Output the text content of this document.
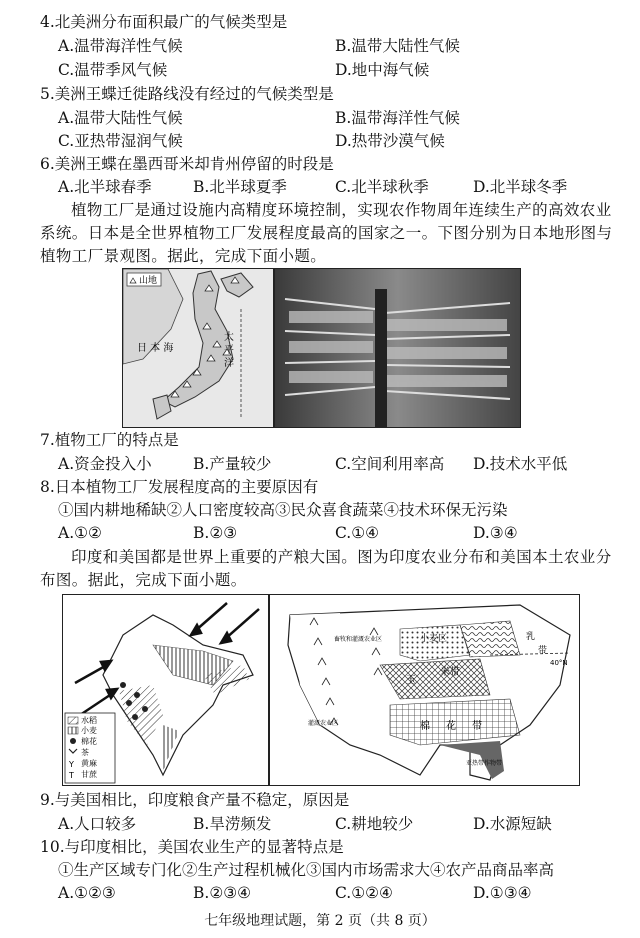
4.北美洲分布面积最广的气候类型是
A.温带海洋性气候	B.温带大陆性气候
C.温带季风气候	D.地中海气候
5.美洲王蝶迁徙路线没有经过的气候类型是
A.温带大陆性气候	B.温带海洋性气候
C.亚热带湿润气候	D.热带沙漠气候
6.美洲王蝶在墨西哥米却肯州停留的时段是
A.北半球春季	B.北半球夏季	C.北半球秋季	D.北半球冬季
植物工厂是通过设施内高精度环境控制，实现农作物周年连续生产的高效农业系统。日本是全世界植物工厂发展程度最高的国家之一。下图分别为日本地形图与植物工厂景观图。据此，完成下面小题。
山地
日 本 海	太 平 洋
7.植物工厂的特点是
A.资金投入小	B.产量较少	C.空间利用率高 D.技术水平低
8.日本植物工厂发展程度高的主要原因有
①国内耕地稀缺②人口密度较高③民众喜食蔬菜④技术环保无污染
A.①②	B.②③	C.①④	D.③④
印度和美国都是世界上重要的产粮大国。图为印度农业分布和美国本土农业分布图。据此，完成下面小题。
Y
T
水稻
小麦
棉花
茶
黄麻
甘蔗
小麦区
畜牧和灌溉农业区	乳
玉
米带
带
棉 花 带
灌溉农业区
亚热带作物带
40°N
9.与美国相比，印度粮食产量不稳定，原因是
A.人口较多	B.旱涝频发	C.耕地较少	D.水源短缺
10.与印度相比，美国农业生产的显著特点是
①生产区域专门化②生产过程机械化③国内市场需求大④农产品商品率高
A.①②③	B.②③④	C.①②④	D.①③④
七年级地理试题，第 2 页（共 8 页）
